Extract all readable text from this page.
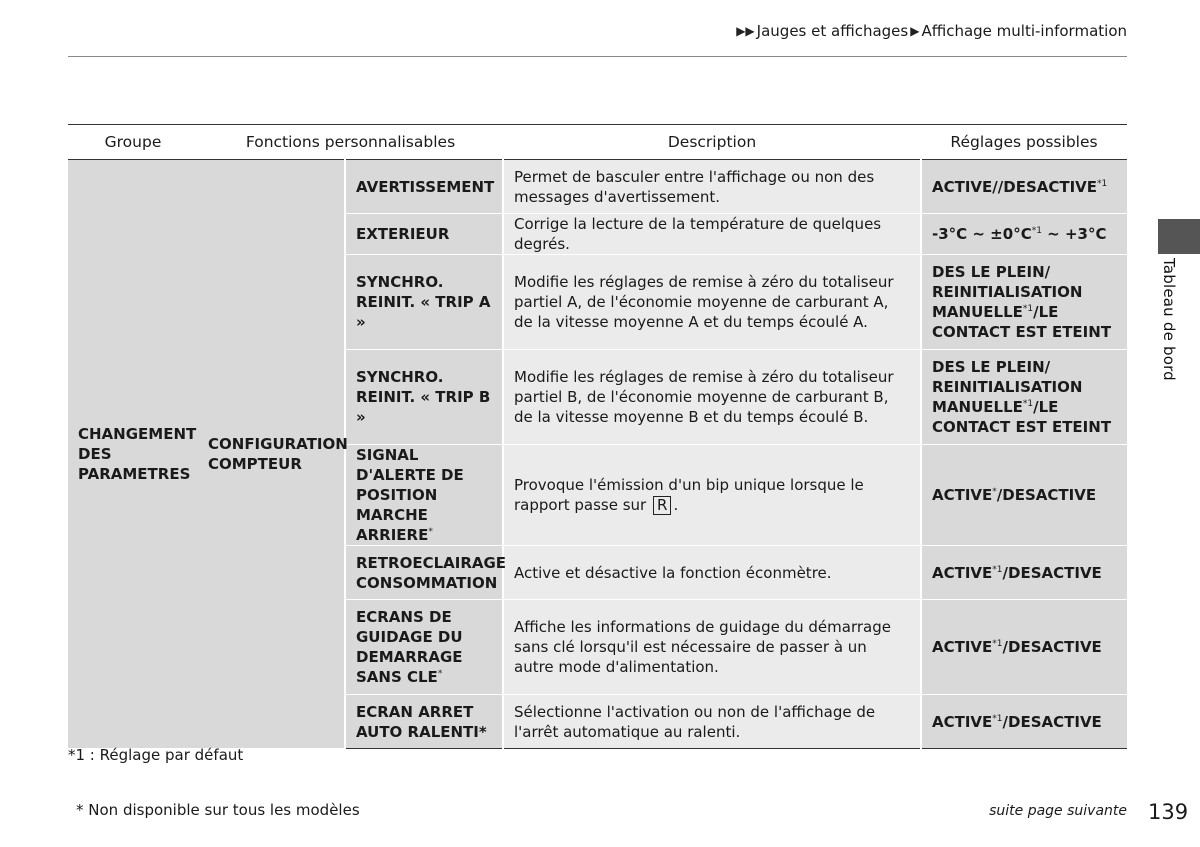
▶▶ Jauges et affichages ▶ Affichage multi-information
Tableau de bord
Groupe	Fonctions personnalisables		Description	Réglages possibles
CHANGEMENT DES PARAMETRES	CONFIGURATION COMPTEUR	AVERTISSEMENT	Permet de basculer entre l'affichage ou non des messages d'avertissement.	ACTIVE//DESACTIVE$^{*1}$
		EXTERIEUR	Corrige la lecture de la température de quelques degrés.	-3°C ~ $\pm 0^\circ C^{*1}$ ~ +3°C
		SYNCHRO. REINIT. « TRIP A »	Modifie les réglages de remise à zéro du totaliseur partiel A, de l'économie moyenne de carburant A, de la vitesse moyenne A et du temps écoulé A.	DES LE PLEIN/ REINITIALISATION MANUELLE$^{*1}$/LE CONTACT EST ETEINT
		SYNCHRO. REINIT. « TRIP B »	Modifie les réglages de remise à zéro du totaliseur partiel B, de l'économie moyenne de carburant B, de la vitesse moyenne B et du temps écoulé B.	DES LE PLEIN/ REINITIALISATION MANUELLE$^{*1}$/LE CONTACT EST ETEINT
		SIGNAL D'ALERTE DE POSITION MARCHE ARRIERE*	Provoque l'émission d'un bip unique lorsque le rapport passe sur R .	ACTIVE*/DESACTIVE
		RETROECLAIRAGE CONSOMMATION	Active et désactive la fonction éconmètre.	ACTIVE$^{*1}$/DESACTIVE
		ECRANS DE GUIDAGE DU DEMARRAGE SANS CLE*	Affiche les informations de guidage du démarrage sans clé lorsqu'il est nécessaire de passer à un autre mode d'alimentation.	ACTIVE$^{*1}$/DESACTIVE
		ECRAN ARRET AUTO RALENTI*	Sélectionne l'activation ou non de l'affichage de l'arrêt automatique au ralenti.	ACTIVE$^{*1}$/DESACTIVE
*1 : Réglage par défaut
* Non disponible sur tous les modèles	suite page suivante 139
